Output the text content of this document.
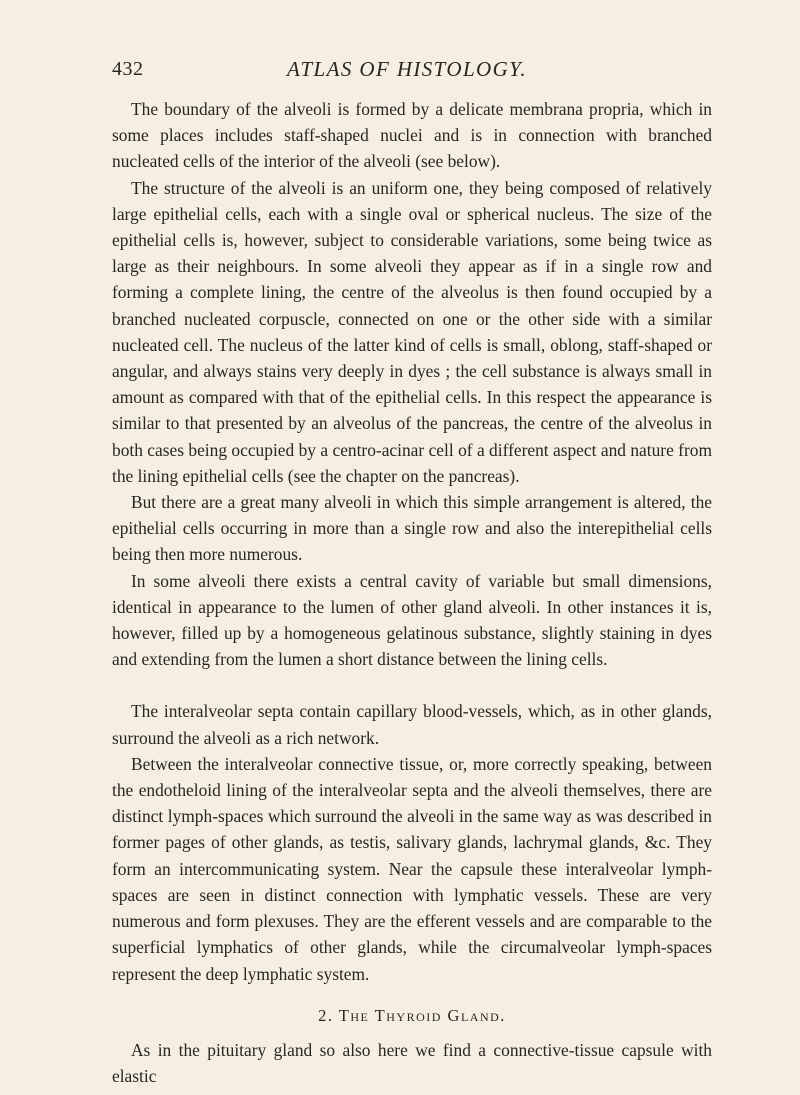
432	ATLAS OF HISTOLOGY.

The boundary of the alveoli is formed by a delicate membrana propria, which in some places includes staff-shaped nuclei and is in connection with branched nucleated cells of the interior of the alveoli (see below).

The structure of the alveoli is an uniform one, they being composed of relatively large epithelial cells, each with a single oval or spherical nucleus. The size of the epithelial cells is, however, subject to considerable variations, some being twice as large as their neighbours. In some alveoli they appear as if in a single row and forming a complete lining, the centre of the alveolus is then found occupied by a branched nucleated corpuscle, connected on one or the other side with a similar nucleated cell. The nucleus of the latter kind of cells is small, oblong, staff-shaped or angular, and always stains very deeply in dyes ; the cell substance is always small in amount as compared with that of the epithelial cells. In this respect the appearance is similar to that presented by an alveolus of the pancreas, the centre of the alveolus in both cases being occupied by a centro-acinar cell of a different aspect and nature from the lining epithelial cells (see the chapter on the pancreas).

But there are a great many alveoli in which this simple arrangement is altered, the epithelial cells occurring in more than a single row and also the interepithelial cells being then more numerous.

In some alveoli there exists a central cavity of variable but small dimensions, identical in appearance to the lumen of other gland alveoli. In other instances it is, however, filled up by a homogeneous gelatinous substance, slightly staining in dyes and extending from the lumen a short distance between the lining cells.

The interalveolar septa contain capillary blood-vessels, which, as in other glands, surround the alveoli as a rich network.

Between the interalveolar connective tissue, or, more correctly speaking, between the endotheloid lining of the interalveolar septa and the alveoli themselves, there are distinct lymph-spaces which surround the alveoli in the same way as was described in former pages of other glands, as testis, salivary glands, lachrymal glands, &c. They form an intercommunicating system. Near the capsule these interalveolar lymph-spaces are seen in distinct connection with lymphatic vessels. These are very numerous and form plexuses. They are the efferent vessels and are comparable to the superficial lymphatics of other glands, while the circumalveolar lymph-spaces represent the deep lymphatic system.

2. The Thyroid Gland.

As in the pituitary gland so also here we find a connective-tissue capsule with elastic
